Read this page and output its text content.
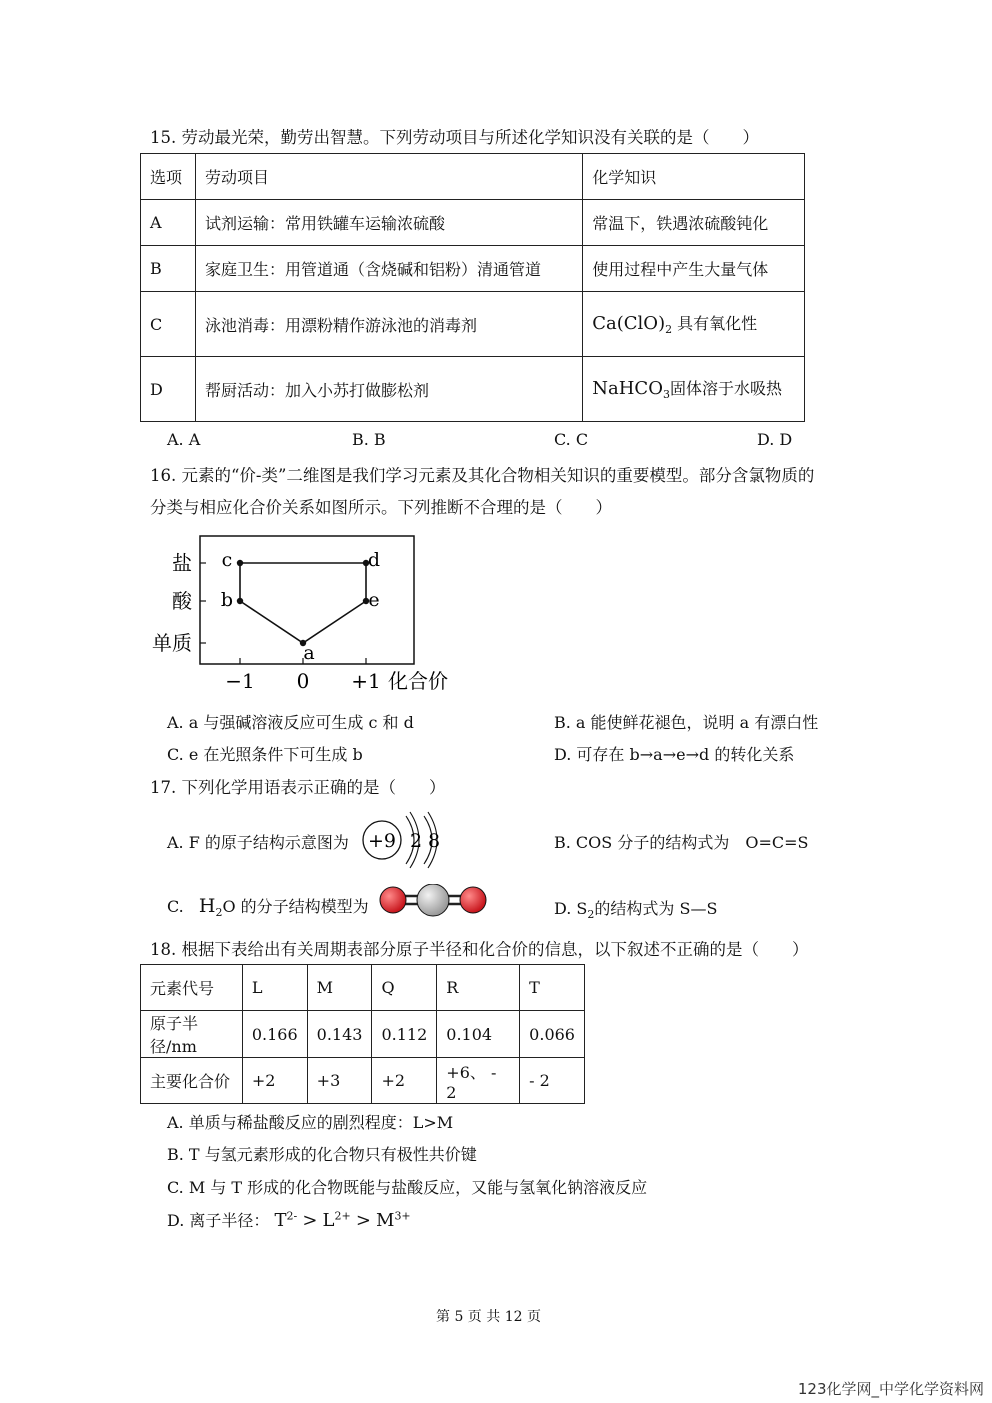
15. 劳动最光荣，勤劳出智慧。下列劳动项目与所述化学知识没有关联的是（　　）
选项	劳动项目	化学知识
A	试剂运输：常用铁罐车运输浓硫酸	常温下，铁遇浓硫酸钝化
B	家庭卫生：用管道通（含烧碱和铝粉）清通管道	使用过程中产生大量气体
C	泳池消毒：用漂粉精作游泳池的消毒剂	$Ca(ClO)_2$ 具有氧化性
D	帮厨活动：加入小苏打做膨松剂	NaHCO$_3$固体溶于水吸热
A. A	B. B	C. C	D. D
16. 元素的“价-类”二维图是我们学习元素及其化合物相关知识的重要模型。部分含氯物质的
分类与相应化合价关系如图所示。下列推断不合理的是（　　）
单质
酸
盐
−1 0 +1
a
b
c	d
e
化合价
A. a 与强碱溶液反应可生成 c 和 d	B. a 能使鲜花褪色，说明 a 有漂白性
C. e 在光照条件下可生成 b	D. 可存在 b→a→e→d 的转化关系
17. 下列化学用语表示正确的是（　　）
A. F 的原子结构示意图为 +9 2 8	B. COS 分子的结构式为　O=C=S
C. $H_2O$ 的分子结构模型为	D. $S_2$的结构式为 S—S
18. 根据下表给出有关周期表部分原子半径和化合价的信息，以下叙述不正确的是（　　）
元素代号	L	M	Q	R	T
原子半径/nm	0.166	0.143	0.112	0.104	0.066
主要化合价	+2	+3	+2	+6、 - 2	- 2
A. 单质与稀盐酸反应的剧烈程度：L>M
B. T 与氢元素形成的化合物只有极性共价键
C. M 与 T 形成的化合物既能与盐酸反应，又能与氢氧化钠溶液反应
D. 离子半径： $T^{2-} > L^{2+} > M^{3+}$
第 5 页 共 12 页
123化学网_中学化学资料网
